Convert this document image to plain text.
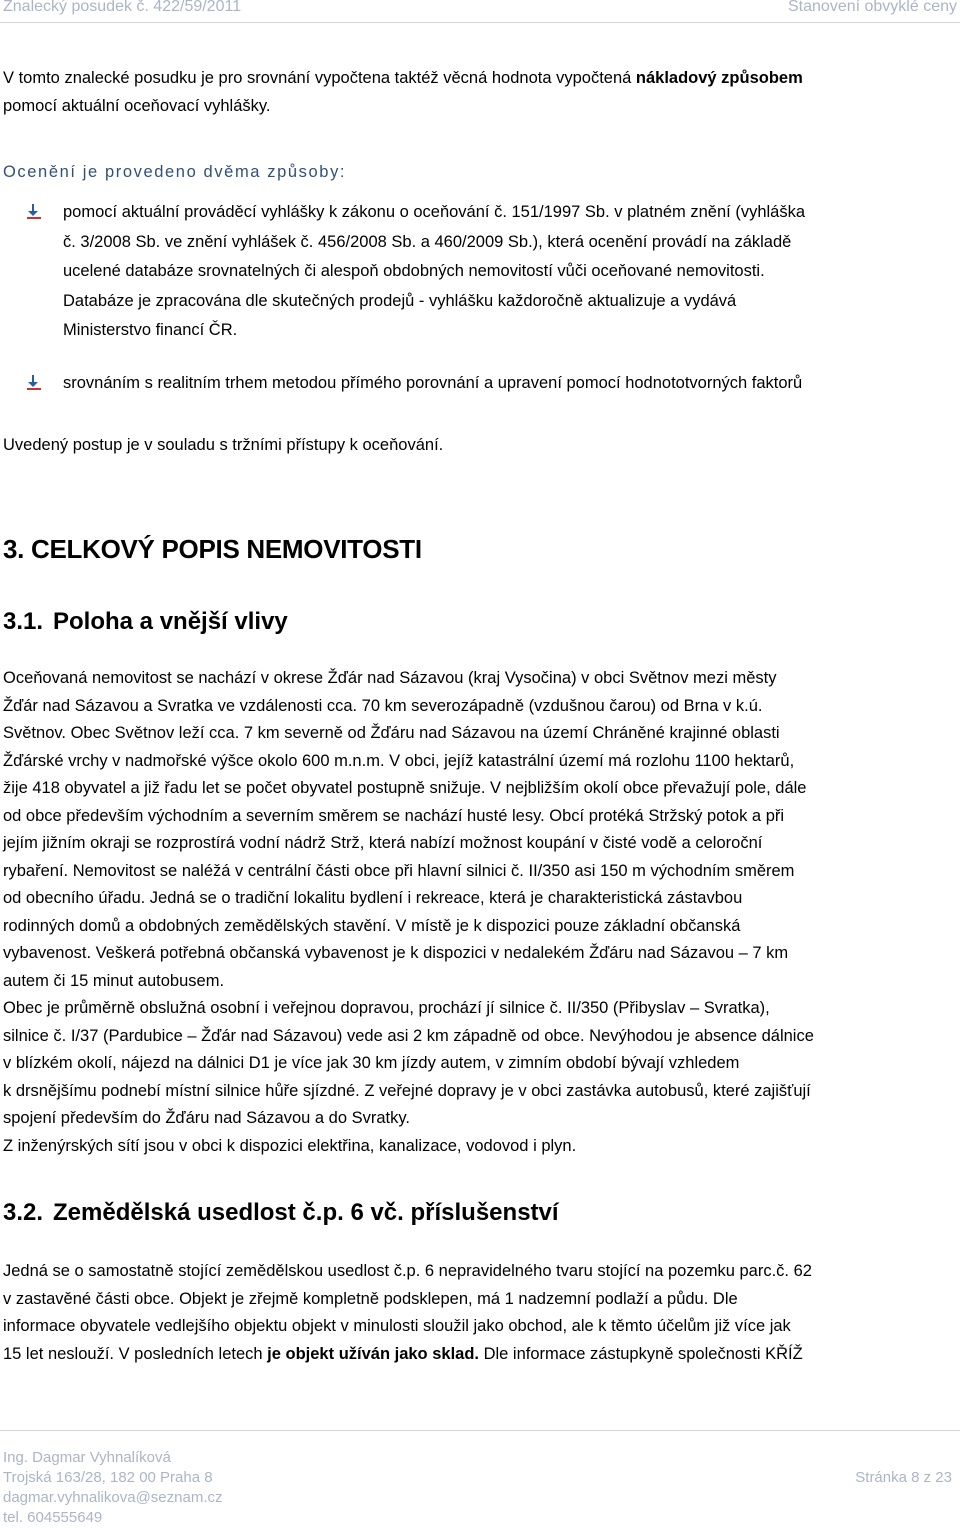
Znalecký posudek č. 422/59/2011	Stanovení obvyklé ceny
V tomto znalecké posudku je pro srovnání vypočtena taktéž věcná hodnota vypočtená nákladový způsobem
pomocí aktuální oceňovací vyhlášky.
Ocenění je provedeno dvěma způsoby:
pomocí aktuální prováděcí vyhlášky k zákonu o oceňování č. 151/1997 Sb. v platném znění (vyhláška
č. 3/2008 Sb. ve znění vyhlášek č. 456/2008 Sb. a 460/2009 Sb.), která ocenění provádí na základě
ucelené databáze srovnatelných či alespoň obdobných nemovitostí vůči oceňované nemovitosti.
Databáze je zpracována dle skutečných prodejů - vyhlášku každoročně aktualizuje a vydává
Ministerstvo financí ČR.
srovnáním s realitním trhem metodou přímého porovnání a upravení pomocí hodnototvorných faktorů
Uvedený postup je v souladu s tržními přístupy k oceňování.
3. CELKOVÝ POPIS NEMOVITOSTI
3.1. Poloha a vnější vlivy
Oceňovaná nemovitost se nachází v okrese Žďár nad Sázavou (kraj Vysočina) v obci Světnov mezi městy
Žďár nad Sázavou a Svratka ve vzdálenosti cca. 70 km severozápadně (vzdušnou čarou) od Brna v k.ú.
Světnov. Obec Světnov leží cca. 7 km severně od Žďáru nad Sázavou na území Chráněné krajinné oblasti
Žďárské vrchy v nadmořské výšce okolo 600 m.n.m. V obci, jejíž katastrální území má rozlohu 1100 hektarů,
žije 418 obyvatel a již řadu let se počet obyvatel postupně snižuje. V nejbližším okolí obce převažují pole, dále
od obce především východním a severním směrem se nachází husté lesy. Obcí protéká Stržský potok a při
jejím jižním okraji se rozprostírá vodní nádrž Strž, která nabízí možnost koupání v čisté vodě a celoroční
rybaření. Nemovitost se naléžá v centrální části obce při hlavní silnici č. II/350 asi 150 m východním směrem
od obecního úřadu. Jedná se o tradiční lokalitu bydlení i rekreace, která je charakteristická zástavbou
rodinných domů a obdobných zemědělských stavění. V místě je k dispozici pouze základní občanská
vybavenost. Veškerá potřebná občanská vybavenost je k dispozici v nedalekém Žďáru nad Sázavou – 7 km
autem či 15 minut autobusem.
Obec je průměrně obslužná osobní i veřejnou dopravou, prochází jí silnice č. II/350 (Přibyslav – Svratka),
silnice č. I/37 (Pardubice – Žďár nad Sázavou) vede asi 2 km západně od obce. Nevýhodou je absence dálnice
v blízkém okolí, nájezd na dálnici D1 je více jak 30 km jízdy autem, v zimním období bývají vzhledem
k drsnějšímu podnebí místní silnice hůře sjízdné. Z veřejné dopravy je v obci zastávka autobusů, které zajišťují
spojení především do Žďáru nad Sázavou a do Svratky.
Z inženýrských sítí jsou v obci k dispozici elektřina, kanalizace, vodovod i plyn.
3.2. Zemědělská usedlost č.p. 6 vč. příslušenství
Jedná se o samostatně stojící zemědělskou usedlost č.p. 6 nepravidelného tvaru stojící na pozemku parc.č. 62
v zastavěné části obce. Objekt je zřejmě kompletně podsklepen, má 1 nadzemní podlaží a půdu. Dle
informace obyvatele vedlejšího objektu objekt v minulosti sloužil jako obchod, ale k těmto účelům již více jak
15 let neslouží. V posledních letech je objekt užíván jako sklad. Dle informace zástupkyně společnosti KŘÍŽ
Ing. Dagmar Vyhnalíková
Trojská 163/28, 182 00 Praha 8
dagmar.vyhnalikova@seznam.cz
tel. 604555649
Stránka 8 z 23
